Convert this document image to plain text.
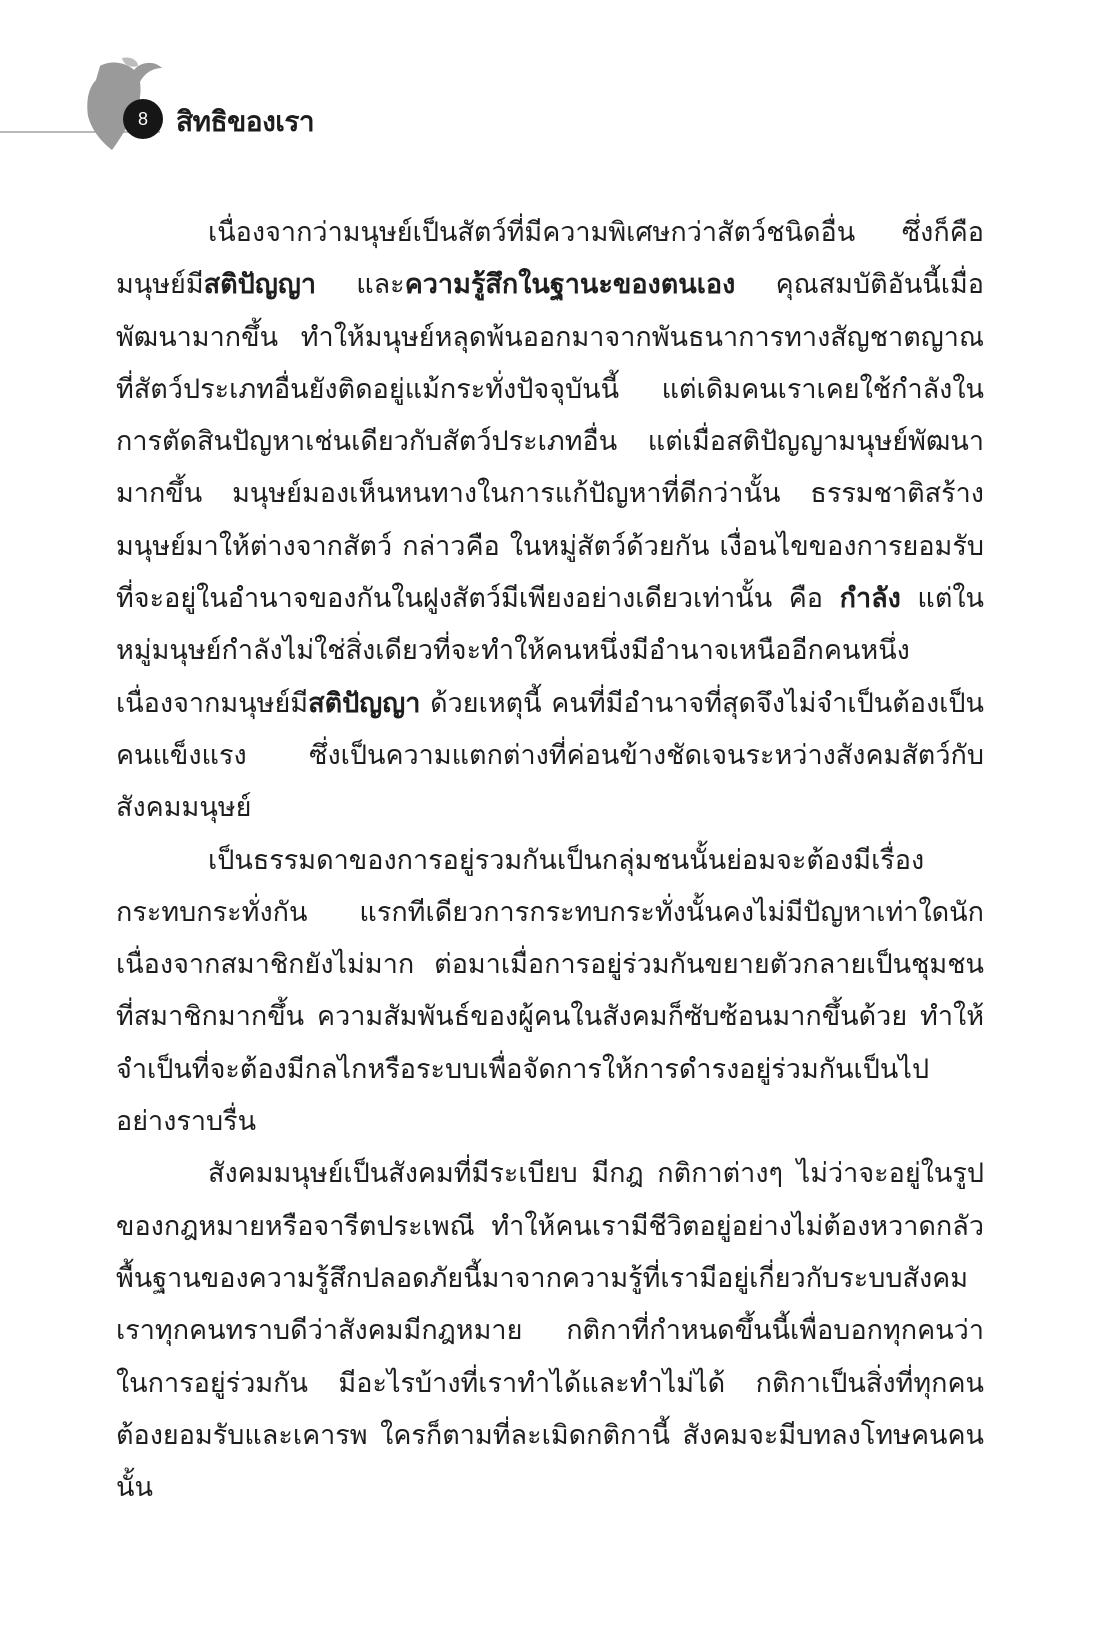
8	สิทธิของเรา

เนื่องจากว่ามนุษย์เป็นสัตว์ที่มีความพิเศษกว่าสัตว์ชนิดอื่น ซึ่งก็คือมนุษย์มีสติปัญญา และความรู้สึกในฐานะของตนเอง คุณสมบัติอันนี้เมื่อพัฒนามากขึ้น ทำให้มนุษย์หลุดพ้นออกมาจากพันธนาการทางสัญชาตญาณที่สัตว์ประเภทอื่นยังติดอยู่แม้กระทั่งปัจจุบันนี้ แต่เดิมคนเราเคยใช้กำลังในการตัดสินปัญหาเช่นเดียวกับสัตว์ประเภทอื่น แต่เมื่อสติปัญญามนุษย์พัฒนามากขึ้น มนุษย์มองเห็นหนทางในการแก้ปัญหาที่ดีกว่านั้น ธรรมชาติสร้างมนุษย์มาให้ต่างจากสัตว์ กล่าวคือ ในหมู่สัตว์ด้วยกัน เงื่อนไขของการยอมรับที่จะอยู่ในอำนาจของกันในฝูงสัตว์มีเพียงอย่างเดียวเท่านั้น คือ กำลัง แต่ในหมู่มนุษย์กำลังไม่ใช่สิ่งเดียวที่จะทำให้คนหนึ่งมีอำนาจเหนืออีกคนหนึ่ง เนื่องจากมนุษย์มีสติปัญญา ด้วยเหตุนี้ คนที่มีอำนาจที่สุดจึงไม่จำเป็นต้องเป็นคนแข็งแรง ซึ่งเป็นความแตกต่างที่ค่อนข้างชัดเจนระหว่างสังคมสัตว์กับสังคมมนุษย์

เป็นธรรมดาของการอยู่รวมกันเป็นกลุ่มชนนั้นย่อมจะต้องมีเรื่องกระทบกระทั่งกัน แรกทีเดียวการกระทบกระทั่งนั้นคงไม่มีปัญหาเท่าใดนักเนื่องจากสมาชิกยังไม่มาก ต่อมาเมื่อการอยู่ร่วมกันขยายตัวกลายเป็นชุมชนที่สมาชิกมากขึ้น ความสัมพันธ์ของผู้คนในสังคมก็ซับซ้อนมากขึ้นด้วย ทำให้จำเป็นที่จะต้องมีกลไกหรือระบบเพื่อจัดการให้การดำรงอยู่ร่วมกันเป็นไปอย่างราบรื่น

สังคมมนุษย์เป็นสังคมที่มีระเบียบ มีกฎ กติกาต่างๆ ไม่ว่าจะอยู่ในรูปของกฎหมายหรือจารีตประเพณี ทำให้คนเรามีชีวิตอยู่อย่างไม่ต้องหวาดกลัว พื้นฐานของความรู้สึกปลอดภัยนี้มาจากความรู้ที่เรามีอยู่เกี่ยวกับระบบสังคม เราทุกคนทราบดีว่าสังคมมีกฎหมาย กติกาที่กำหนดขึ้นนี้เพื่อบอกทุกคนว่า ในการอยู่ร่วมกัน มีอะไรบ้างที่เราทำได้และทำไม่ได้ กติกาเป็นสิ่งที่ทุกคนต้องยอมรับและเคารพ ใครก็ตามที่ละเมิดกติกานี้ สังคมจะมีบทลงโทษคนคนนั้น
